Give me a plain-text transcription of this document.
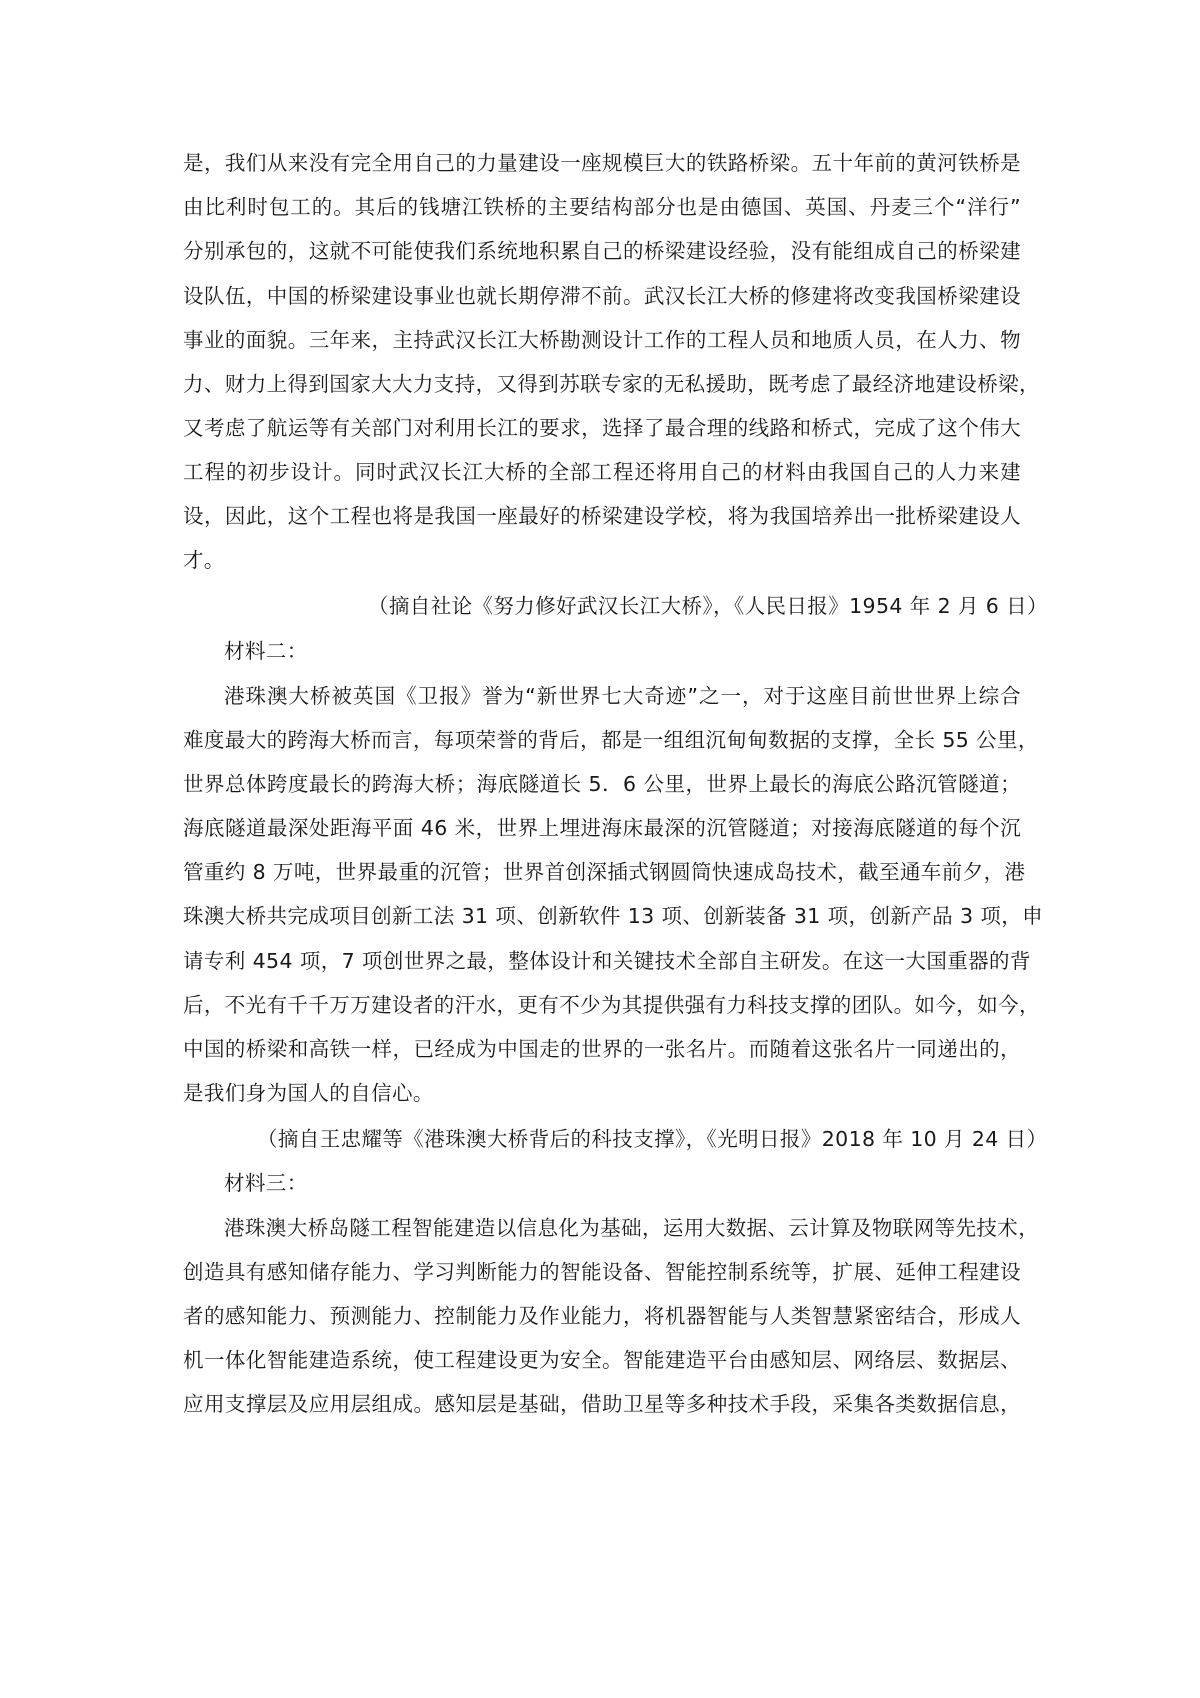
是，我们从来没有完全用自己的力量建设一座规模巨大的铁路桥梁。五十年前的黄河铁桥是
由比利时包工的。其后的钱塘江铁桥的主要结构部分也是由德国、英国、丹麦三个“洋行”
分别承包的，这就不可能使我们系统地积累自己的桥梁建设经验，没有能组成自己的桥梁建
设队伍，中国的桥梁建设事业也就长期停滞不前。武汉长江大桥的修建将改变我国桥梁建设
事业的面貌。三年来，主持武汉长江大桥勘测设计工作的工程人员和地质人员，在人力、物
力、财力上得到国家大大力支持，又得到苏联专家的无私援助，既考虑了最经济地建设桥梁，
又考虑了航运等有关部门对利用长江的要求，选择了最合理的线路和桥式，完成了这个伟大
工程的初步设计。同时武汉长江大桥的全部工程还将用自己的材料由我国自己的人力来建
设，因此，这个工程也将是我国一座最好的桥梁建设学校，将为我国培养出一批桥梁建设人
才。
（摘自社论《努力修好武汉长江大桥》，《人民日报》1954 年 2 月 6 日）
材料二：
港珠澳大桥被英国《卫报》誉为“新世界七大奇迹”之一，对于这座目前世世界上综合
难度最大的跨海大桥而言，每项荣誉的背后，都是一组组沉甸甸数据的支撑，全长 55 公里，
世界总体跨度最长的跨海大桥；海底隧道长 5．6 公里，世界上最长的海底公路沉管隧道；
海底隧道最深处距海平面 46 米，世界上埋进海床最深的沉管隧道；对接海底隧道的每个沉
管重约 8 万吨，世界最重的沉管；世界首创深插式钢圆筒快速成岛技术，截至通车前夕，港
珠澳大桥共完成项目创新工法 31 项、创新软件 13 项、创新装备 31 项，创新产品 3 项，申
请专利 454 项，7 项创世界之最，整体设计和关键技术全部自主研发。在这一大国重器的背
后，不光有千千万万建设者的汗水，更有不少为其提供强有力科技支撑的团队。如今，如今，
中国的桥梁和高铁一样，已经成为中国走的世界的一张名片。而随着这张名片一同递出的，
是我们身为国人的自信心。
（摘自王忠耀等《港珠澳大桥背后的科技支撑》，《光明日报》2018 年 10 月 24 日）
材料三：
港珠澳大桥岛隧工程智能建造以信息化为基础，运用大数据、云计算及物联网等先技术，
创造具有感知储存能力、学习判断能力的智能设备、智能控制系统等，扩展、延伸工程建设
者的感知能力、预测能力、控制能力及作业能力，将机器智能与人类智慧紧密结合，形成人
机一体化智能建造系统，使工程建设更为安全。智能建造平台由感知层、网络层、数据层、
应用支撑层及应用层组成。感知层是基础，借助卫星等多种技术手段，采集各类数据信息，
